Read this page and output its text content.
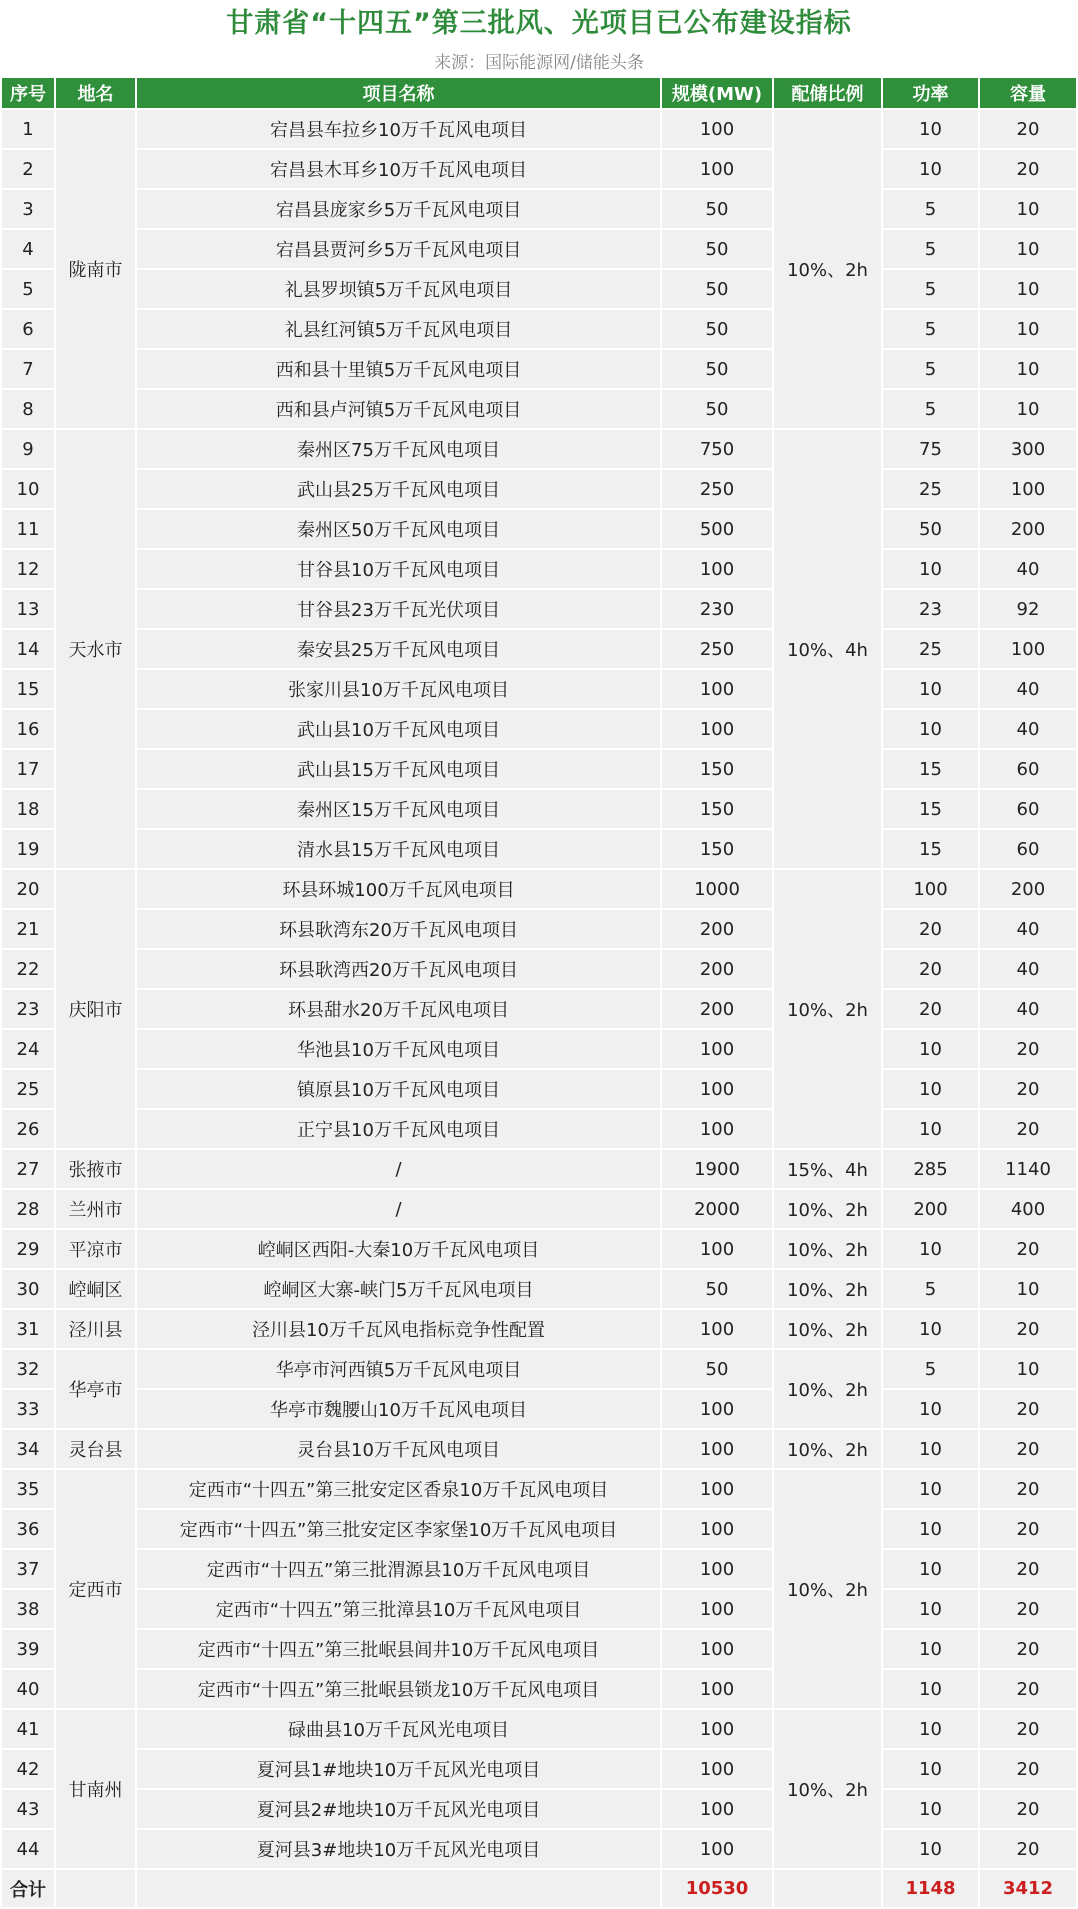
甘肃省“十四五”第三批风、光项目已公布建设指标
来源：国际能源网/储能头条
序号	地名	项目名称	规模(MW)	配储比例	功率	容量
1	陇南市	宕昌县车拉乡10万千瓦风电项目	100	10%、2h	10	20
2		宕昌县木耳乡10万千瓦风电项目	100		10	20
3		宕昌县庞家乡5万千瓦风电项目	50		5	10
4		宕昌县贾河乡5万千瓦风电项目	50		5	10
5		礼县罗坝镇5万千瓦风电项目	50		5	10
6		礼县红河镇5万千瓦风电项目	50		5	10
7		西和县十里镇5万千瓦风电项目	50		5	10
8		西和县卢河镇5万千瓦风电项目	50		5	10
9	天水市	秦州区75万千瓦风电项目	750	10%、4h	75	300
10		武山县25万千瓦风电项目	250		25	100
11		秦州区50万千瓦风电项目	500		50	200
12		甘谷县10万千瓦风电项目	100		10	40
13		甘谷县23万千瓦光伏项目	230		23	92
14		秦安县25万千瓦风电项目	250		25	100
15		张家川县10万千瓦风电项目	100		10	40
16		武山县10万千瓦风电项目	100		10	40
17		武山县15万千瓦风电项目	150		15	60
18		秦州区15万千瓦风电项目	150		15	60
19		清水县15万千瓦风电项目	150		15	60
20	庆阳市	环县环城100万千瓦风电项目	1000	10%、2h	100	200
21		环县耿湾东20万千瓦风电项目	200		20	40
22		环县耿湾西20万千瓦风电项目	200		20	40
23		环县甜水20万千瓦风电项目	200		20	40
24		华池县10万千瓦风电项目	100		10	20
25		镇原县10万千瓦风电项目	100		10	20
26		正宁县10万千瓦风电项目	100		10	20
27	张掖市	/	1900	15%、4h	285	1140
28	兰州市	/	2000	10%、2h	200	400
29	平凉市	崆峒区西阳-大秦10万千瓦风电项目	100	10%、2h	10	20
30	崆峒区	崆峒区大寨-峡门5万千瓦风电项目	50	10%、2h	5	10
31	泾川县	泾川县10万千瓦风电指标竞争性配置	100	10%、2h	10	20
32	华亭市	华亭市河西镇5万千瓦风电项目	50	10%、2h	5	10
33		华亭市魏腰山10万千瓦风电项目	100		10	20
34	灵台县	灵台县10万千瓦风电项目	100	10%、2h	10	20
35	定西市	定西市“十四五”第三批安定区香泉10万千瓦风电项目	100	10%、2h	10	20
36		定西市“十四五”第三批安定区李家堡10万千瓦风电项目	100		10	20
37		定西市“十四五”第三批渭源县10万千瓦风电项目	100		10	20
38		定西市“十四五”第三批漳县10万千瓦风电项目	100		10	20
39		定西市“十四五”第三批岷县闾井10万千瓦风电项目	100		10	20
40		定西市“十四五”第三批岷县锁龙10万千瓦风电项目	100		10	20
41	甘南州	碌曲县10万千瓦风光电项目	100	10%、2h	10	20
42		夏河县1#地块10万千瓦风光电项目	100		10	20
43		夏河县2#地块10万千瓦风光电项目	100		10	20
44		夏河县3#地块10万千瓦风光电项目	100		10	20
合计			10530		1148	3412
